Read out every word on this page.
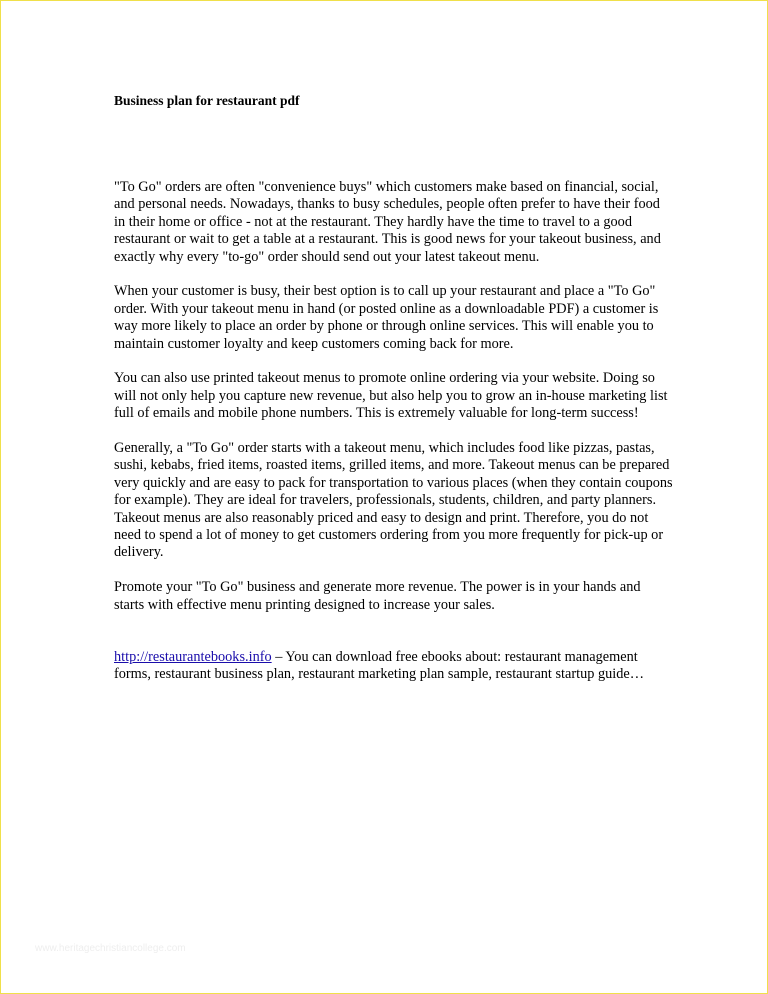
Business plan for restaurant pdf

"To Go" orders are often "convenience buys" which customers make based on financial, social, and personal needs. Nowadays, thanks to busy schedules, people often prefer to have their food in their home or office - not at the restaurant. They hardly have the time to travel to a good restaurant or wait to get a table at a restaurant. This is good news for your takeout business, and exactly why every "to-go" order should send out your latest takeout menu.

When your customer is busy, their best option is to call up your restaurant and place a "To Go" order. With your takeout menu in hand (or posted online as a downloadable PDF) a customer is way more likely to place an order by phone or through online services. This will enable you to maintain customer loyalty and keep customers coming back for more.

You can also use printed takeout menus to promote online ordering via your website. Doing so will not only help you capture new revenue, but also help you to grow an in-house marketing list full of emails and mobile phone numbers. This is extremely valuable for long-term success!

Generally, a "To Go" order starts with a takeout menu, which includes food like pizzas, pastas, sushi, kebabs, fried items, roasted items, grilled items, and more. Takeout menus can be prepared very quickly and are easy to pack for transportation to various places (when they contain coupons for example). They are ideal for travelers, professionals, students, children, and party planners. Takeout menus are also reasonably priced and easy to design and print. Therefore, you do not need to spend a lot of money to get customers ordering from you more frequently for pick-up or delivery.

Promote your "To Go" business and generate more revenue. The power is in your hands and starts with effective menu printing designed to increase your sales.

http://restaurantebooks.info – You can download free ebooks about: restaurant management forms, restaurant business plan, restaurant marketing plan sample, restaurant startup guide…

www.heritagechristiancollege.com
